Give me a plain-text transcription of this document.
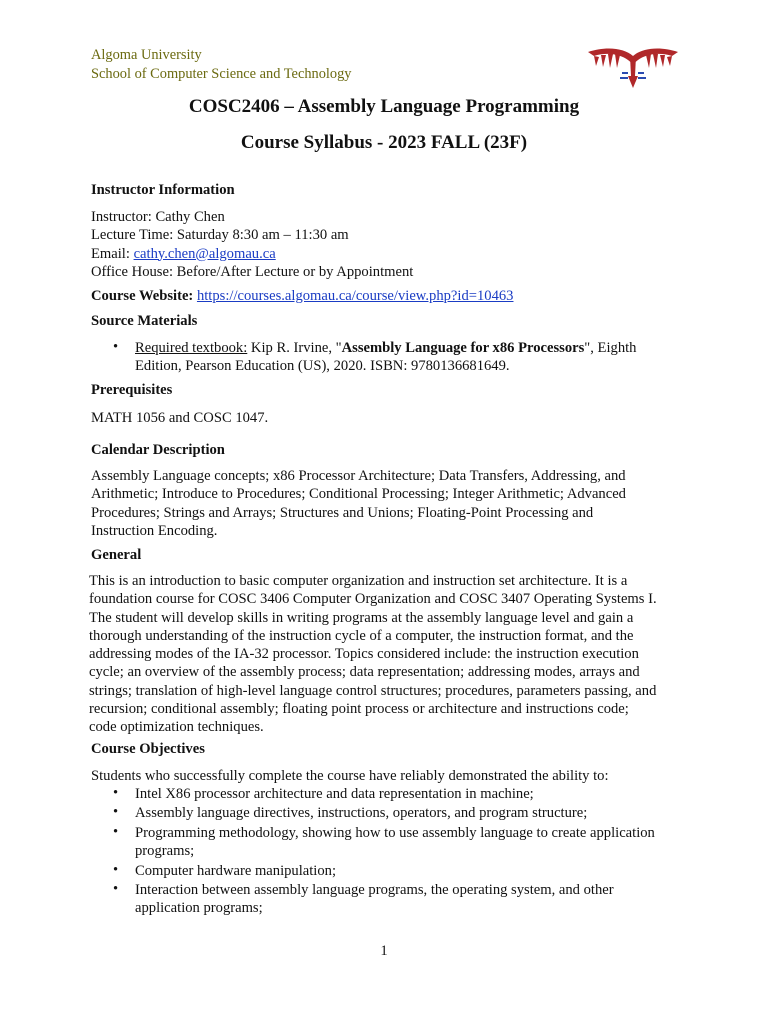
Algoma University
School of Computer Science and Technology
COSC2406 – Assembly Language Programming
Course Syllabus - 2023 FALL (23F)
Instructor Information
Instructor: Cathy Chen
Lecture Time: Saturday 8:30 am – 11:30 am
Email: cathy.chen@algomau.ca
Office House: Before/After Lecture or by Appointment
Course Website: https://courses.algomau.ca/course/view.php?id=10463
Source Materials
• Required textbook: Kip R. Irvine, "Assembly Language for x86 Processors", Eighth
Edition, Pearson Education (US), 2020. ISBN: 9780136681649.
Prerequisites
MATH 1056 and COSC 1047.
Calendar Description
Assembly Language concepts; x86 Processor Architecture; Data Transfers, Addressing, and
Arithmetic; Introduce to Procedures; Conditional Processing; Integer Arithmetic; Advanced
Procedures; Strings and Arrays; Structures and Unions; Floating-Point Processing and
Instruction Encoding.
General
This is an introduction to basic computer organization and instruction set architecture. It is a
foundation course for COSC 3406 Computer Organization and COSC 3407 Operating Systems I.
The student will develop skills in writing programs at the assembly language level and gain a
thorough understanding of the instruction cycle of a computer, the instruction format, and the
addressing modes of the IA-32 processor. Topics considered include: the instruction execution
cycle; an overview of the assembly process; data representation; addressing modes, arrays and
strings; translation of high-level language control structures; procedures, parameters passing, and
recursion; conditional assembly; floating point process or architecture and instructions code;
code optimization techniques.
Course Objectives
Students who successfully complete the course have reliably demonstrated the ability to:
• Intel X86 processor architecture and data representation in machine;
• Assembly language directives, instructions, operators, and program structure;
• Programming methodology, showing how to use assembly language to create application
programs;
• Computer hardware manipulation;
• Interaction between assembly language programs, the operating system, and other
application programs;
1
